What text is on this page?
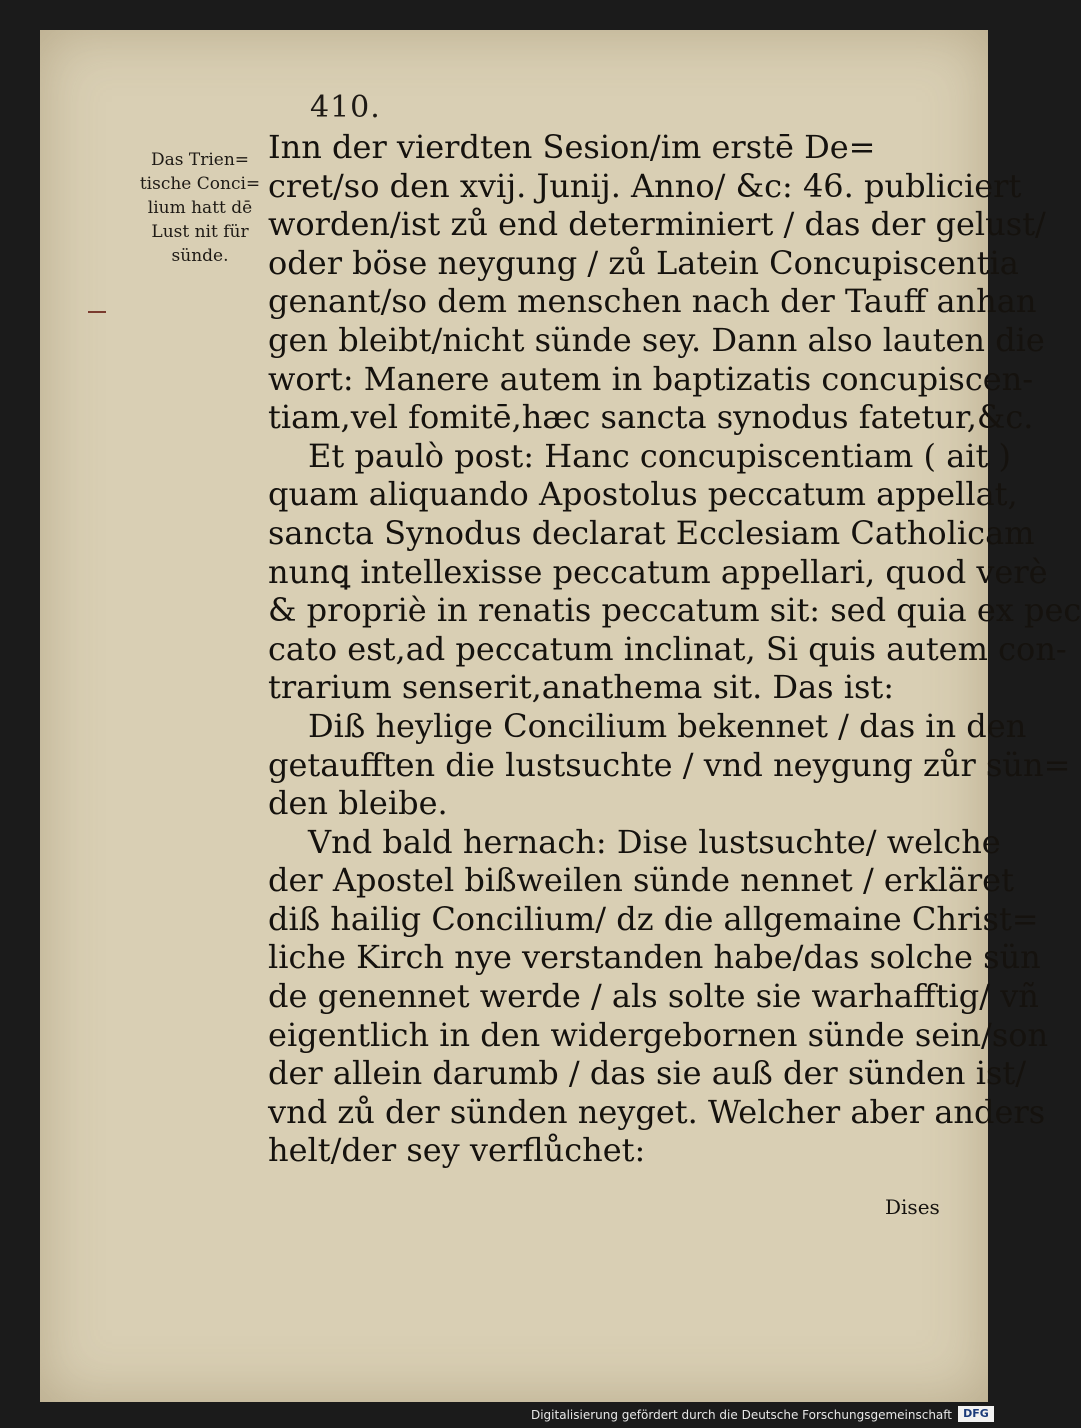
410.
Das Trien=
tische Conci=
lium hatt dē
Lust nit für
sünde.
Inn der vierdten Sesion/im erstē De=
cret/so den xvij. Junij. Anno/ &c: 46. publiciert
worden/ist zů end determiniert / das der gelust/
oder böse neygung / zů Latein Concupiscentia
genant/so dem menschen nach der Tauff anhan
gen bleibt/nicht sünde sey. Dann also lauten die
wort: Manere autem in baptizatis concupiscen-
tiam,vel fomitē,hæc sancta synodus fatetur,&c.
Et paulò post: Hanc concupiscentiam ( ait )
quam aliquando Apostolus peccatum appellat,
sancta Synodus declarat Ecclesiam Catholicam
nunꝗ intellexisse peccatum appellari, quod verè
& propriè in renatis peccatum sit: sed quia ex pec
cato est,ad peccatum inclinat, Si quis autem con-
trarium senserit,anathema sit. Das ist:
Diß heylige Concilium bekennet / das in den
getaufften die lustsuchte / vnd neygung zůr sün=
den bleibe.
Vnd bald hernach: Dise lustsuchte/ welche
der Apostel bißweilen sünde nennet / erkläret
diß hailig Concilium/ dz die allgemaine Christ=
liche Kirch nye verstanden habe/das solche sün
de genennet werde / als solte sie warhafftig/ vñ
eigentlich in den widergebornen sünde sein/son
der allein darumb / das sie auß der sünden ist/
vnd zů der sünden neyget. Welcher aber anders
helt/der sey verflůchet:
Dises
Digitalisierung gefördert durch die Deutsche Forschungsgemeinschaft	DFG
